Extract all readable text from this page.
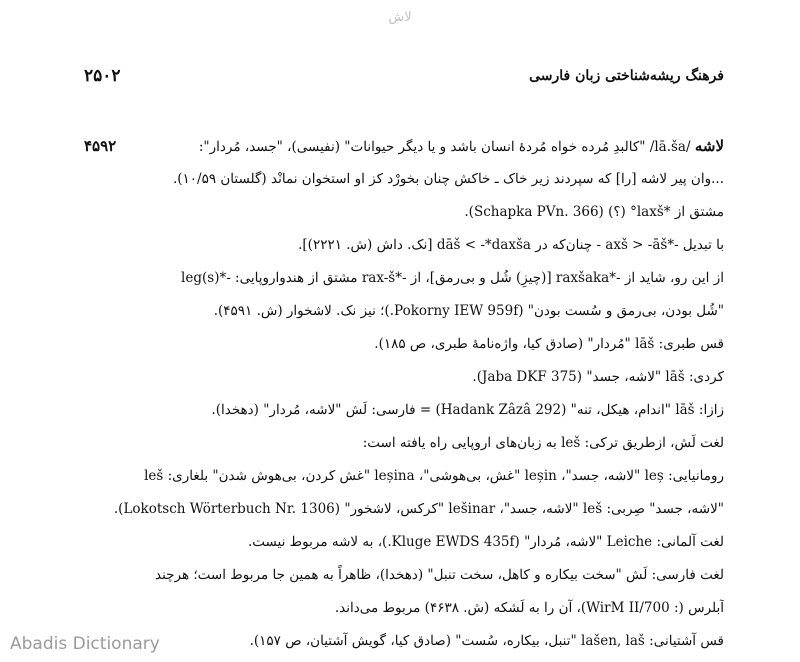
لاش
۲۵۰۲	فرهنگ ریشه‌شناختی زبان فارسی
لاشه /lā.ša/ "کالبدِ مُرده خواه مُردهٔ انسان باشد و یا دیگر حیوانات" (نفیسی)، "جسد، مُردار":
۴۵۹۲
...وان پیر لاشه [را] که سپردند زیر خاک ـ خاکش چنان بخورْد کز او استخوان نمانْد (گلستان ۱۰/۵۹).
مشتق از *laxš° (؟) (Schapka PVn. 366).
با تبدیل -*axš > -āš - چنان‌که در dāš < -*daxša [نک. داش (ش. ۲۲۲۱)].
از این رو، شاید از -*raxšaka [(چیزِ) شُل و بی‌رمق]، از -*rax-š مشتق از هندواروپایی: -*(s)leg
"شُل بودن، بی‌رمق و سُست بودن" (Pokorny IEW 959f.)؛ نیز نک. لاشخوار (ش. ۴۵۹۱).
قس طبری: lāš "مُردار" (صادق کیا، واژه‌نامهٔ طبری، ص ۱۸۵).
کردی: lāš "لاشه، جسد" (Jaba DKF 375).
زازا: lāš "اندام، هیکل، تنه" (Hadank Zâzâ 292) = فارسی: لَش "لاشه، مُردار" (دهخدا).
لغت لَش، ازطریق ترکی: leš به زبان‌های اروپایی راه یافته است:
رومانیایی: leș "لاشه، جسد"، leșin "غش، بی‌هوشی"، leșina "غش کردن، بی‌هوش شدن" بلغاری: leš
"لاشه، جسد" صِربی: leš "لاشه، جسد"، lešinar "کرکس، لاشخور" (Lokotsch Wörterbuch Nr. 1306).
لغت آلمانی: Leiche "لاشه، مُردار" (Kluge EWDS 435f.)، به لاشه مربوط نیست.
لغت فارسی: لَش "سخت بیکاره و کاهل، سخت تنبل" (دهخدا)، ظاهراً به همین جا مربوط است؛ هرچند
آبلرس (: WirM II/700)، آن را به لَشکه (ش. ۴۶۳۸) مربوط می‌داند.
قس آشتیانی: lašen, laš "تنبل، بیکاره، سُست" (صادق کیا، گویش آشتیان، ص ۱۵۷).
Abadis Dictionary
